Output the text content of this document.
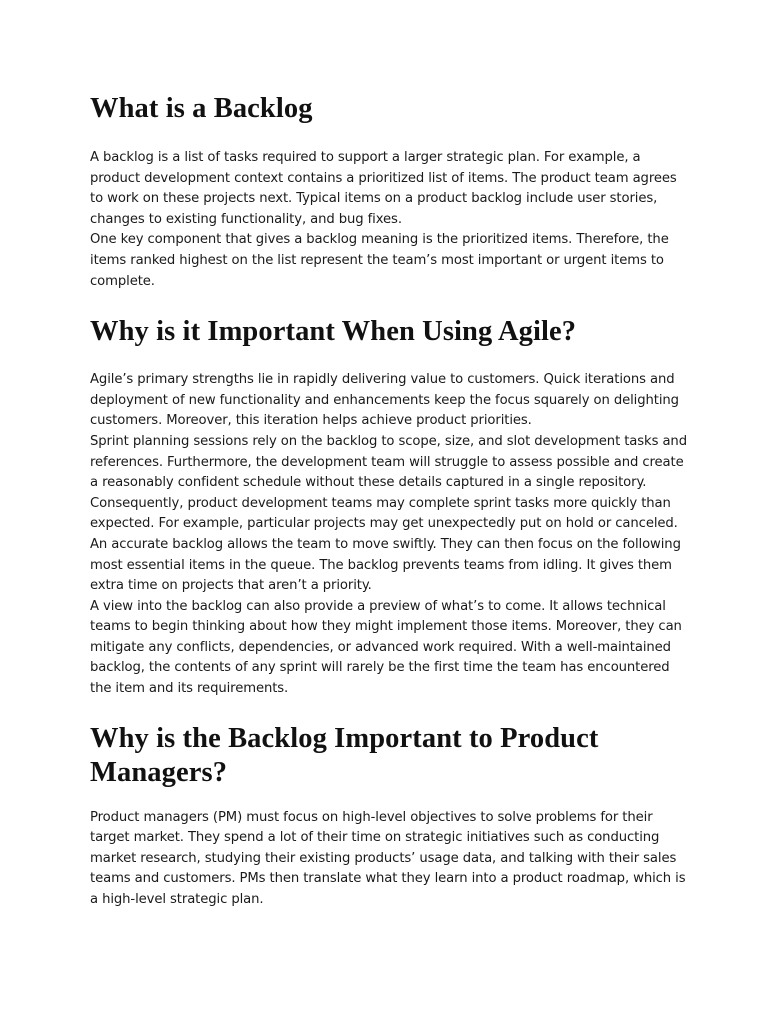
What is a Backlog

A backlog is a list of tasks required to support a larger strategic plan. For example, a product development context contains a prioritized list of items. The product team agrees to work on these projects next. Typical items on a product backlog include user stories, changes to existing functionality, and bug fixes.

One key component that gives a backlog meaning is the prioritized items. Therefore, the items ranked highest on the list represent the team’s most important or urgent items to complete.

Why is it Important When Using Agile?

Agile’s primary strengths lie in rapidly delivering value to customers. Quick iterations and deployment of new functionality and enhancements keep the focus squarely on delighting customers. Moreover, this iteration helps achieve product priorities.

Sprint planning sessions rely on the backlog to scope, size, and slot development tasks and references. Furthermore, the development team will struggle to assess possible and create a reasonably confident schedule without these details captured in a single repository.

Consequently, product development teams may complete sprint tasks more quickly than expected. For example, particular projects may get unexpectedly put on hold or canceled. An accurate backlog allows the team to move swiftly. They can then focus on the following most essential items in the queue. The backlog prevents teams from idling. It gives them extra time on projects that aren’t a priority.

A view into the backlog can also provide a preview of what’s to come. It allows technical teams to begin thinking about how they might implement those items. Moreover, they can mitigate any conflicts, dependencies, or advanced work required. With a well-maintained backlog, the contents of any sprint will rarely be the first time the team has encountered the item and its requirements.

Why is the Backlog Important to Product Managers?

Product managers (PM) must focus on high-level objectives to solve problems for their target market. They spend a lot of their time on strategic initiatives such as conducting market research, studying their existing products’ usage data, and talking with their sales teams and customers. PMs then translate what they learn into a product roadmap, which is a high-level strategic plan.
